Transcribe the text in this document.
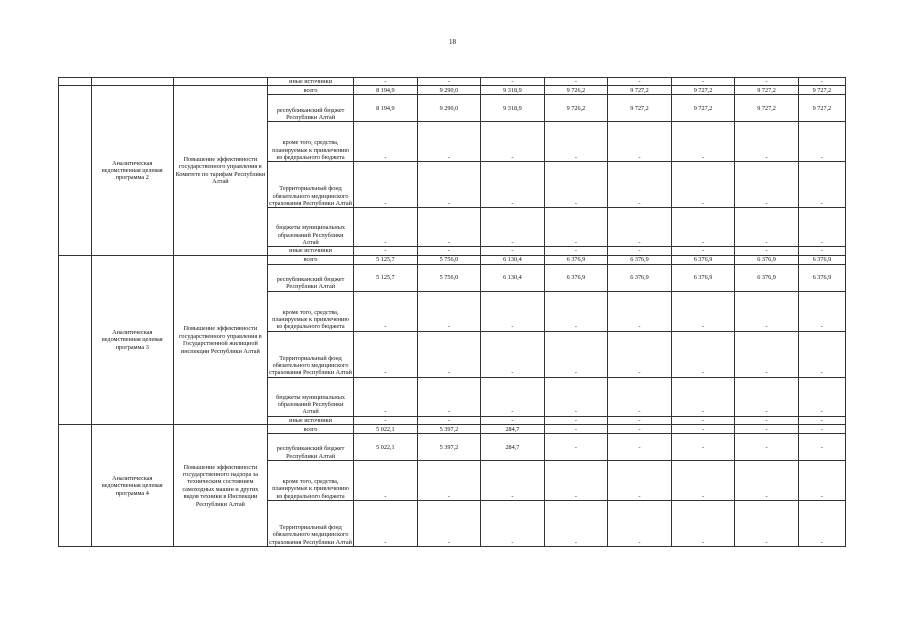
18
			иные источники	-	-	-	-	-	-	-	-
	Аналитическая ведомственная целевая программа 2	Повышение эффективности государственного управления в Комитете по тарифам Республики Алтай	всего	8 194,9	9 290,0	9 318,9	9 726,2	9 727,2	9 727,2	9 727,2	9 727,2
			республиканский бюджет Республики Алтай	8 194,9	9 290,0	9 318,9	9 726,2	9 727,2	9 727,2	9 727,2	9 727,2
			кроме того, средства, планируемые к привлечению из федерального бюджета	-	-	-	-	-	-	-	-
			Территориальный фонд обязательного медицинского страхования Республики Алтай	-	-	-	-	-	-	-	-
			бюджеты муниципальных образований Республики Алтай	-	-	-	-	-	-	-	-
			иные источники	-	-	-	-	-	-	-	-
	Аналитическая ведомственная целевая программа 3	Повышение эффективности государственного управления в Государственной жилищной инспекции Республики Алтай	всего	5 125,7	5 756,0	6 130,4	6 376,9	6 376,9	6 376,9	6 376,9	6 376,9
			республиканский бюджет Республики Алтай	5 125,7	5 756,0	6 130,4	6 376,9	6 376,9	6 376,9	6 376,9	6 376,9
			кроме того, средства, планируемые к привлечению из федерального бюджета	-	-	-	-	-	-	-	-
			Территориальный фонд обязательного медицинского страхования Республики Алтай	-	-	-	-	-	-	-	-
			бюджеты муниципальных образований Республики Алтай	-	-	-	-	-	-	-	-
			иные источники	-	-	-	-	-	-	-	-
	Аналитическая ведомственная целевая программа 4	Повышение эффективности государственного надзора за техническим состоянием самоходных машин и других видов техники в Инспекции Республики Алтай	всего	5 022,1	5 397,2	284,7	-	-	-	-	-
			республиканский бюджет Республики Алтай	5 022,1	5 397,2	284,7	-	-	-	-	-
			кроме того, средства, планируемые к привлечению из федерального бюджета	-	-	-	-	-	-	-	-
			Территориальный фонд обязательного медицинского страхования Республики Алтай	-	-	-	-	-	-	-	-
